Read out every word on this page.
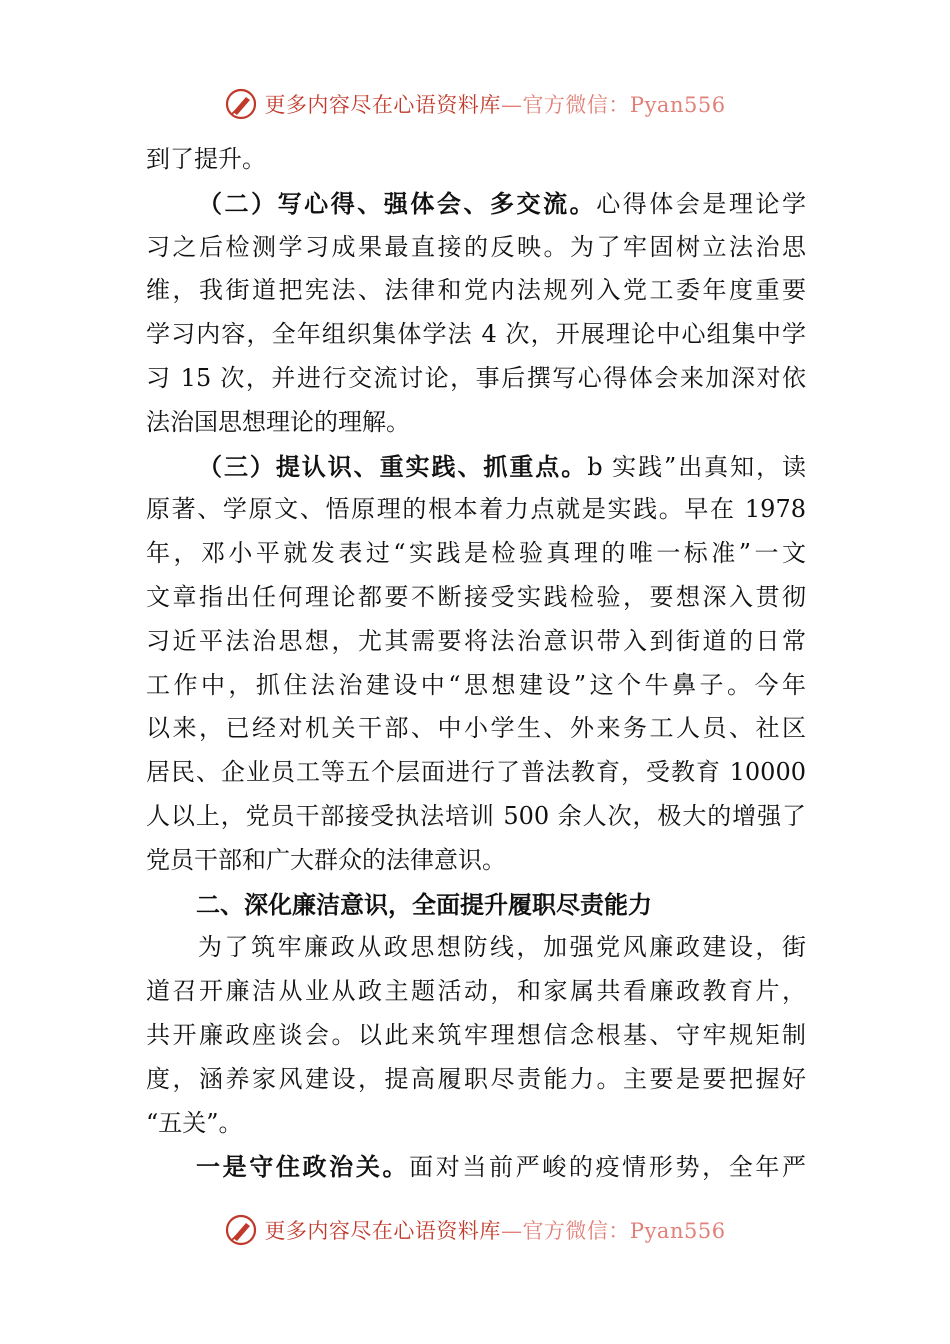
更多内容尽在心语资料库 —官方微信：Pyan556
到了提升。
（二）写心得、强体会、多交流。心得体会是理论学
习之后检测学习成果最直接的反映。为了牢固树立法治思
维，我街道把宪法、法律和党内法规列入党工委年度重要
学习内容，全年组织集体学法 4 次，开展理论中心组集中学
习 15 次，并进行交流讨论，事后撰写心得体会来加深对依
法治国思想理论的理解。
（三）提认识、重实践、抓重点。b 实践”出真知，读
原著、学原文、悟原理的根本着力点就是实践。早在 1978
年，邓小平就发表过“实践是检验真理的唯一标准”一文
文章指出任何理论都要不断接受实践检验，要想深入贯彻
习近平法治思想，尤其需要将法治意识带入到街道的日常
工作中，抓住法治建设中“思想建设”这个牛鼻子。今年
以来，已经对机关干部、中小学生、外来务工人员、社区
居民、企业员工等五个层面进行了普法教育，受教育 10000
人以上，党员干部接受执法培训 500 余人次，极大的增强了
党员干部和广大群众的法律意识。
二、深化廉洁意识，全面提升履职尽责能力
为了筑牢廉政从政思想防线，加强党风廉政建设，街
道召开廉洁从业从政主题活动，和家属共看廉政教育片，
共开廉政座谈会。以此来筑牢理想信念根基、守牢规矩制
度，涵养家风建设，提高履职尽责能力。主要是要把握好
“五关”。
一是守住政治关。面对当前严峻的疫情形势，全年严
更多内容尽在心语资料库 —官方微信：Pyan556
